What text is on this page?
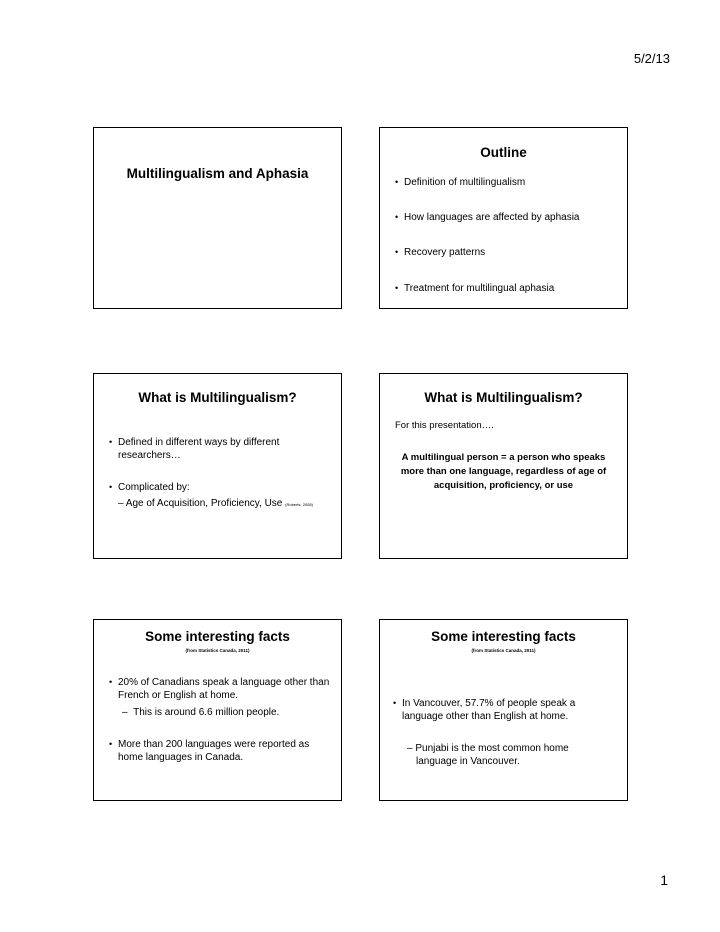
5/2/13
Multilingualism and Aphasia
Outline
• Definition of multilingualism
• How languages are affected by aphasia
• Recovery patterns
• Treatment for multilingual aphasia
What is Multilingualism?
• Defined in different ways by different researchers…
• Complicated by:
– Age of Acquisition, Proficiency, Use (Roberts, 2008)
What is Multilingualism?
For this presentation….
A multilingual person = a person who speaks more than one language, regardless of age of acquisition, proficiency, or use
Some interesting facts
(from Statistics Canada, 2011)
• 20% of Canadians speak a language other than French or English at home.
–  This is around 6.6 million people.
• More than 200 languages were reported as home languages in Canada.
Some interesting facts
(from Statistics Canada, 2011)
• In Vancouver, 57.7% of people speak a language other than English at home.
– Punjabi is the most common home language in Vancouver.
1
